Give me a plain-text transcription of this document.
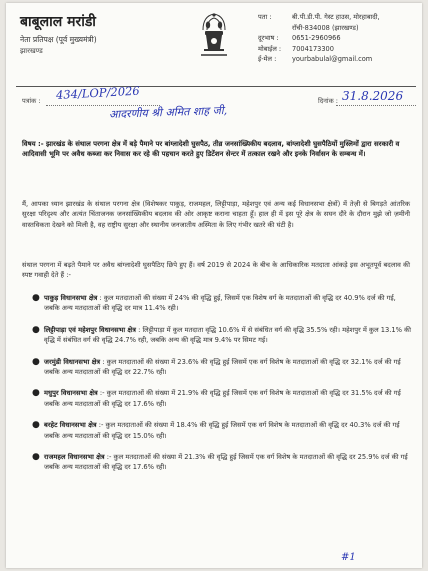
बाबूलाल मरांडी
नेता प्रतिपक्ष (पूर्व मुख्यमंत्री)
झारखण्ड
पता :	बी.पी.डी.पी. गेस्ट हाउस, मोरहाबादी,
राँची-834008 (झारखण्ड)
दूरभाष :	0651-2960966
मोबाईल :	7004173300
ई-मेल :	yourbabulal@gmail.com
पत्रांक : 434/LOP/2026	दिनांक : 31.8.2026
आदरणीय श्री अमित शाह जी,
विषय :- झारखंड के संथाल परगना क्षेत्र में बड़े पैमाने पर बांग्लादेशी घुसपैठ, तीव्र जनसांख्यिकीय बदलाव, बांग्लादेशी घुसपैठियों मुस्लिमों द्वारा सरकारी व आदिवासी भूमि पर अवैध कब्जा कर निवास कर रहे की पहचान करते हुए डिटेंशन सेन्टर में तत्काल रखने और इनके निर्वासन के सम्बन्ध में।
मैं, आपका ध्यान झारखंड के संथाल परगना क्षेत्र (विशेषकर पाकुड़, राजमहल, लिट्टीपाड़ा, महेशपुर एवं अन्य कई विधानसभा क्षेत्रों) में तेज़ी से बिगड़ते आंतरिक सुरक्षा परिदृश्य और अत्यंत चिंताजनक जनसांख्यिकीय बदलाव की ओर आकृष्ट कराना चाहता हूँ। हाल ही में इस पूरे क्षेत्र के सघन दौरे के दौरान मुझे जो ज़मीनी वास्तविकता देखने को मिली है, वह राष्ट्रीय सुरक्षा और स्थानीय जनजातीय अस्मिता के लिए गंभीर खतरे की घंटी है।
संथाल परगना में बढ़ते पैमाने पर अवैध बांग्लादेशी घुसपैठिए छिपे हुए हैं। वर्ष 2019 से 2024 के बीच के आधिकारिक मतदाता आंकड़े इस अभूतपूर्व बदलाव की स्पष्ट गवाही देते हैं :-
● पाकुड़ विधानसभा क्षेत्र : कुल मतदाताओं की संख्या में 24% की वृद्धि हुई, जिसमें एक विशेष वर्ग के मतदाताओं की वृद्धि दर 40.9% दर्ज की गई, जबकि अन्य मतदाताओं की वृद्धि दर मात्र 11.4% रही।
● लिट्टीपाड़ा एवं महेशपुर विधानसभा क्षेत्र : लिट्टीपाड़ा में कुल मतदाता वृद्धि 10.6% में से संबंधित वर्ग की वृद्धि 35.5% रही। महेशपुर में कुल 13.1% की वृद्धि में संबंधित वर्ग की वृद्धि 24.7% रही, जबकि अन्य की वृद्धि मात्र 9.4% पर सिमट गई।
● जरमुंडी विधानसभा क्षेत्र : कुल मतदाताओं की संख्या में 23.6% की वृद्धि हुई जिसमें एक वर्ग विशेष के मतदाताओं की वृद्धि दर 32.1% दर्ज की गई जबकि अन्य मतदाताओं की वृद्धि दर 22.7% रही।
● मधुपुर विधानसभा क्षेत्र :- कुल मतदाताओं की संख्या में 21.9% की वृद्धि हुई जिसमें एक वर्ग विशेष के मतदाताओं की वृद्धि दर 31.5% दर्ज की गई जबकि अन्य मतदाताओं की वृद्धि दर 17.6% रही।
● बरहेट विधानसभा क्षेत्र :- कुल मतदाताओं की संख्या में 18.4% की वृद्धि हुई जिसमें एक वर्ग विशेष के मतदाताओं की वृद्धि दर 40.3% दर्ज की गई जबकि अन्य मतदाताओं की वृद्धि दर 15.0% रही।
● राजमहल विधानसभा क्षेत्र :- कुल मतदाताओं की संख्या में 21.3% की वृद्धि हुई जिसमें एक वर्ग विशेष के मतदाताओं की वृद्धि दर 25.9% दर्ज की गई जबकि अन्य मतदाताओं की वृद्धि दर 17.6% रही।
#1
